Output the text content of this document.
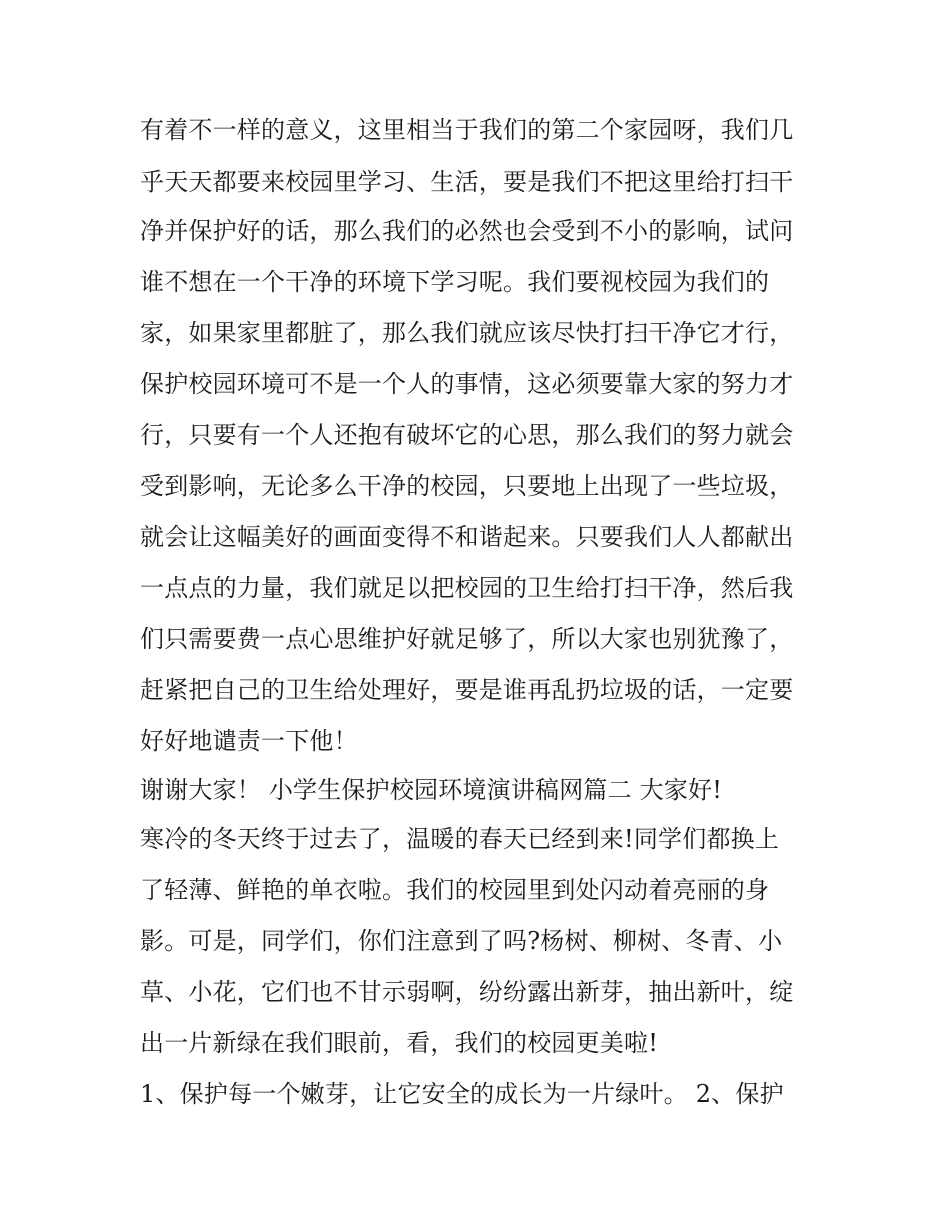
有着不一样的意义，这里相当于我们的第二个家园呀，我们几
乎天天都要来校园里学习、生活，要是我们不把这里给打扫干
净并保护好的话，那么我们的必然也会受到不小的影响，试问
谁不想在一个干净的环境下学习呢。我们要视校园为我们的
家，如果家里都脏了，那么我们就应该尽快打扫干净它才行，
保护校园环境可不是一个人的事情，这必须要靠大家的努力才
行，只要有一个人还抱有破坏它的心思，那么我们的努力就会
受到影响，无论多么干净的校园，只要地上出现了一些垃圾，
就会让这幅美好的画面变得不和谐起来。只要我们人人都献出
一点点的力量，我们就足以把校园的卫生给打扫干净，然后我
们只需要费一点心思维护好就足够了，所以大家也别犹豫了，
赶紧把自己的卫生给处理好，要是谁再乱扔垃圾的话，一定要
好好地谴责一下他！
谢谢大家！ 小学生保护校园环境演讲稿网篇二 大家好!
寒冷的冬天终于过去了，温暖的春天已经到来!同学们都换上
了轻薄、鲜艳的单衣啦。我们的校园里到处闪动着亮丽的身
影。可是，同学们，你们注意到了吗?杨树、柳树、冬青、小
草、小花，它们也不甘示弱啊，纷纷露出新芽，抽出新叶，绽
出一片新绿在我们眼前，看，我们的校园更美啦!
1、保护每一个嫩芽，让它安全的成长为一片绿叶。 2、保护
